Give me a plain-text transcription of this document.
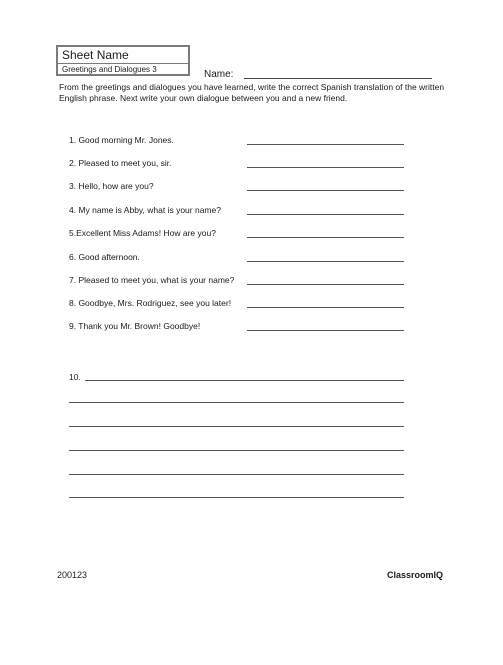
Sheet Name
Greetings and Dialogues 3	Name:
From the greetings and dialogues you have learned, write the correct Spanish translation of the written English phrase. Next write your own dialogue between you and a new friend.
1. Good morning Mr. Jones.
2. Pleased to meet you, sir.
3. Hello, how are you?
4. My name is Abby, what is your name?
5.Excellent Miss Adams! How are you?
6. Good afternoon.
7. Pleased to meet you, what is your name?
8. Goodbye, Mrs. Rodriguez, see you later!
9. Thank you Mr. Brown! Goodbye!
10.
200123	ClassroomIQ
